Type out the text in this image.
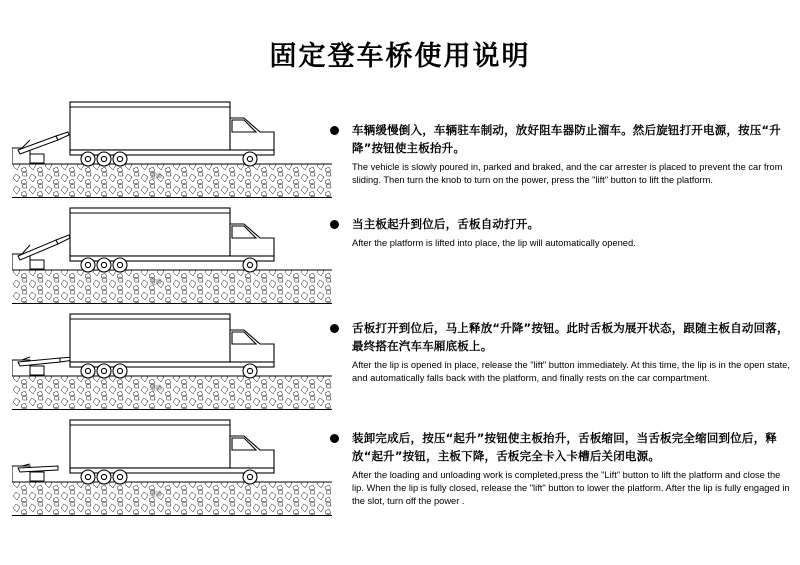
固定登车桥使用说明
道路
道路
道路
道路
车辆缓慢倒入，车辆驻车制动，放好阻车器防止溜车。然后旋钮打开电源，按压“升降”按钮使主板抬升。
The vehicle is slowly poured in, parked and braked, and the car arrester is placed to prevent the car from sliding. Then turn the knob to turn on the power, press the "lift" button to lift the platform.
当主板起升到位后，舌板自动打开。
After the platform is lifted into place, the lip will automatically opened.
舌板打开到位后，马上释放“升降”按钮。此时舌板为展开状态，跟随主板自动回落，最终搭在汽车车厢底板上。
After the lip is opened in place, release the "lift" button immediately. At this time, the lip is in the open state, and automatically falls back with the platform, and finally rests on the car compartment.
装卸完成后，按压“起升”按钮使主板抬升，舌板缩回，当舌板完全缩回到位后，释放“起升”按钮，主板下降，舌板完全卡入卡槽后关闭电源。
After the loading and unloading work is completed,press the "Lift" button to lift the platform and close the lip. When the lip is fully closed, release the "lift" button to lower the platform. After the lip is fully engaged in the slot, turn off the power .
